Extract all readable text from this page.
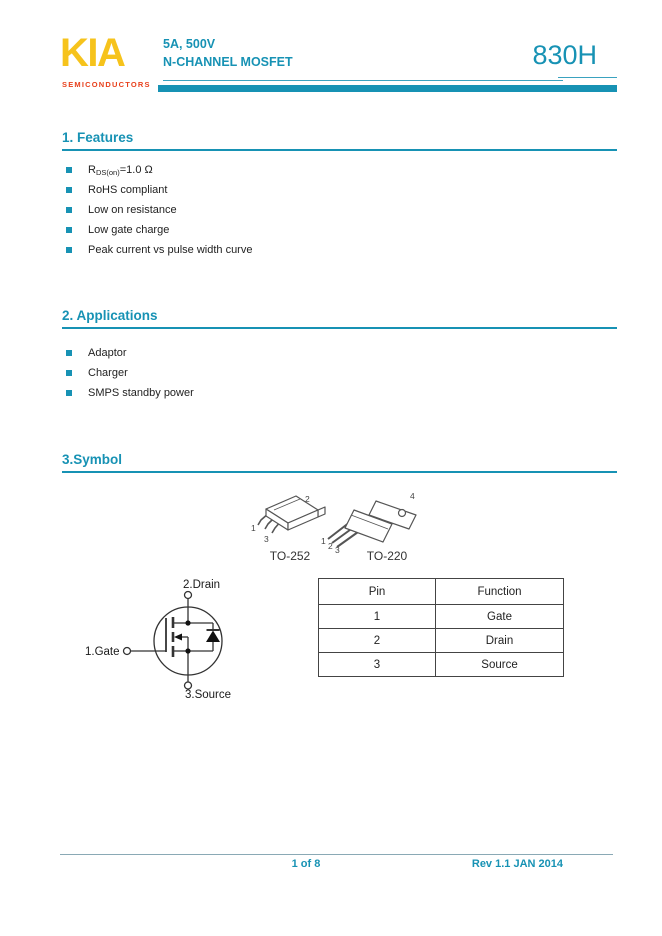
KIA
SEMICONDUCTORS
5A, 500V
N-CHANNEL MOSFET	830H
1. Features
$R_{DS(on)}=1.0$ Ω
RoHS compliant
Low on resistance
Low gate charge
Peak current vs pulse width curve
2. Applications
Adaptor
Charger
SMPS standby power
3.Symbol
2
1
3
TO-252
4
1 2 3 TO-220
2.Drain
1.Gate
3.Source
Pin	Function
1	Gate
2	Drain
3	Source
1 of 8	Rev 1.1 JAN 2014
